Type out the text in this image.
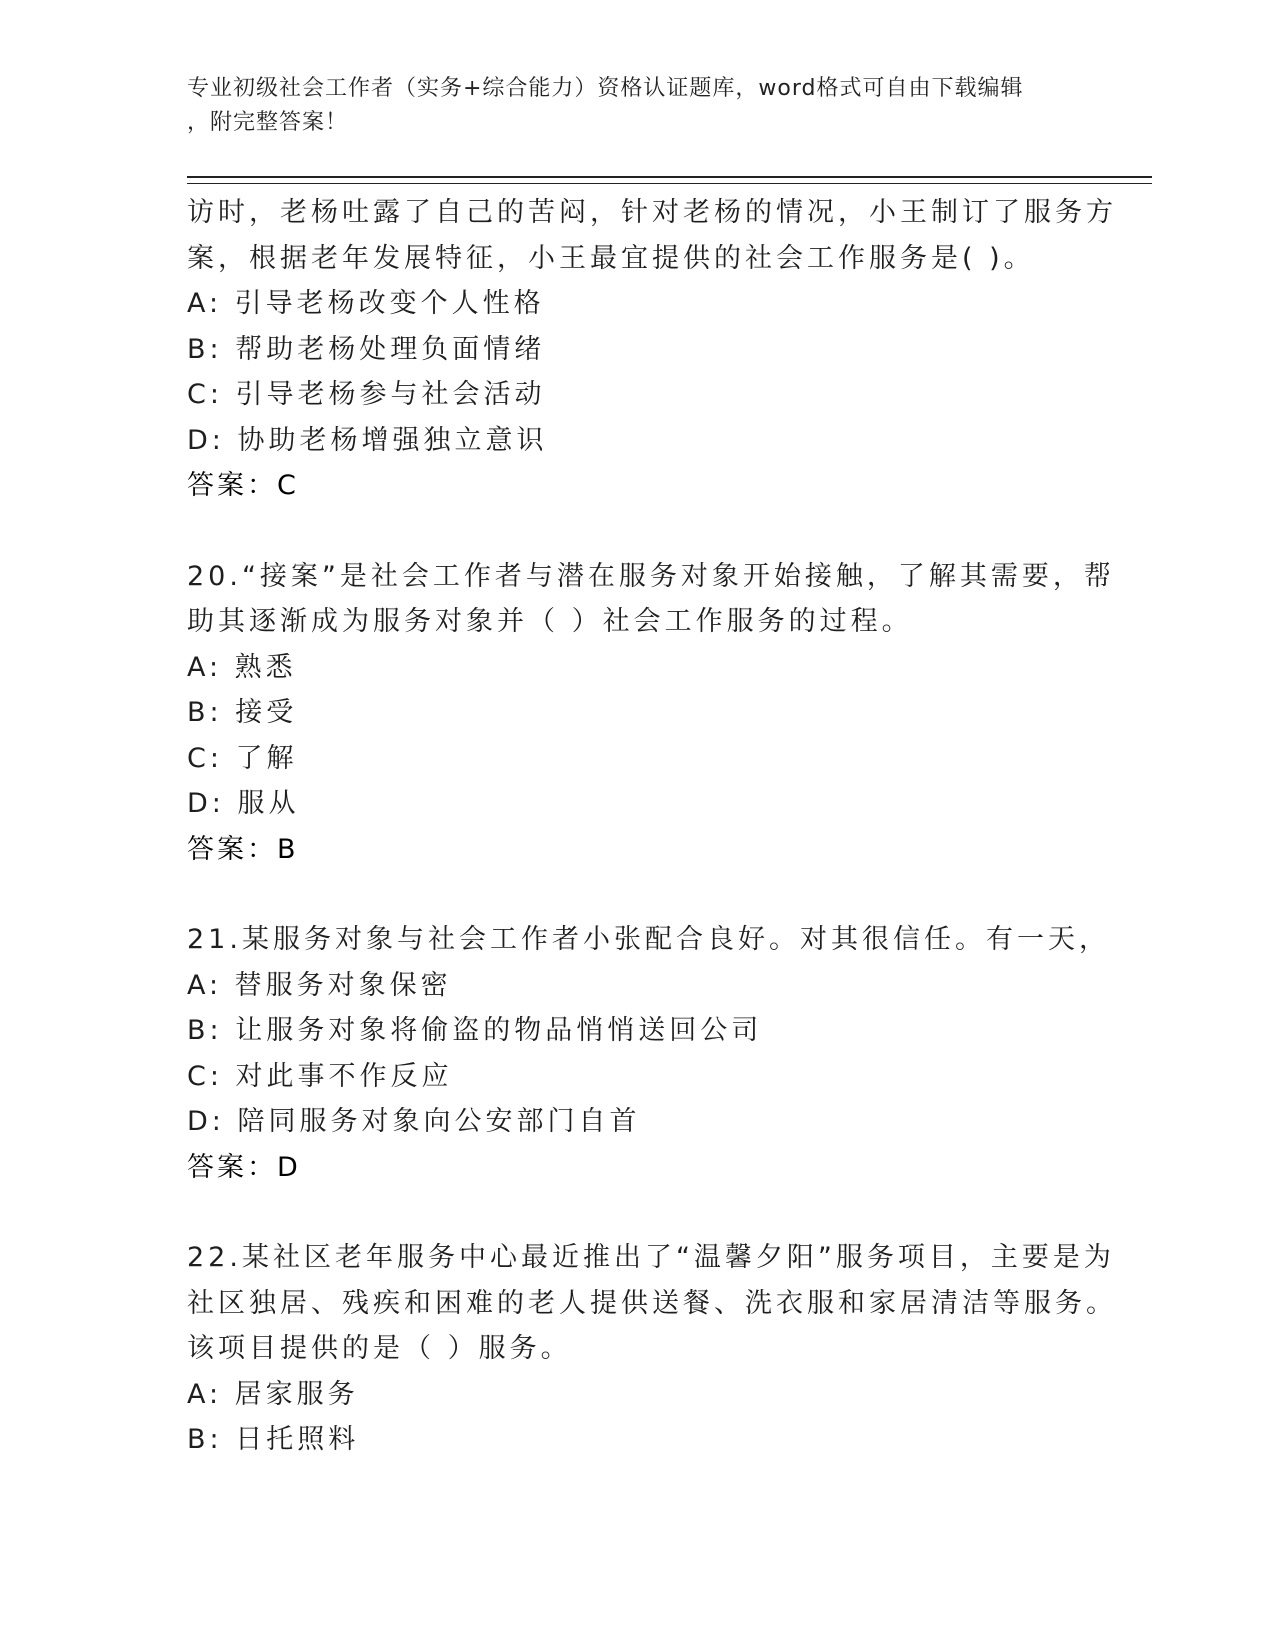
专业初级社会工作者（实务+综合能力）资格认证题库，word格式可自由下载编辑
，附完整答案！
访时，老杨吐露了自己的苦闷，针对老杨的情况，小王制订了服务方
案，根据老年发展特征，小王最宜提供的社会工作服务是( )。
A: 引导老杨改变个人性格
B: 帮助老杨处理负面情绪
C: 引导老杨参与社会活动
D: 协助老杨增强独立意识
答案：C
20.“接案”是社会工作者与潜在服务对象开始接触，了解其需要，帮
助其逐渐成为服务对象并（ ）社会工作服务的过程。
A: 熟悉
B: 接受
C: 了解
D: 服从
答案：B
21.某服务对象与社会工作者小张配合良好。对其很信任。有一天，
A: 替服务对象保密
B: 让服务对象将偷盗的物品悄悄送回公司
C: 对此事不作反应
D: 陪同服务对象向公安部门自首
答案：D
22.某社区老年服务中心最近推出了“温馨夕阳”服务项目，主要是为
社区独居、残疾和困难的老人提供送餐、洗衣服和家居清洁等服务。
该项目提供的是（ ）服务。
A: 居家服务
B: 日托照料
